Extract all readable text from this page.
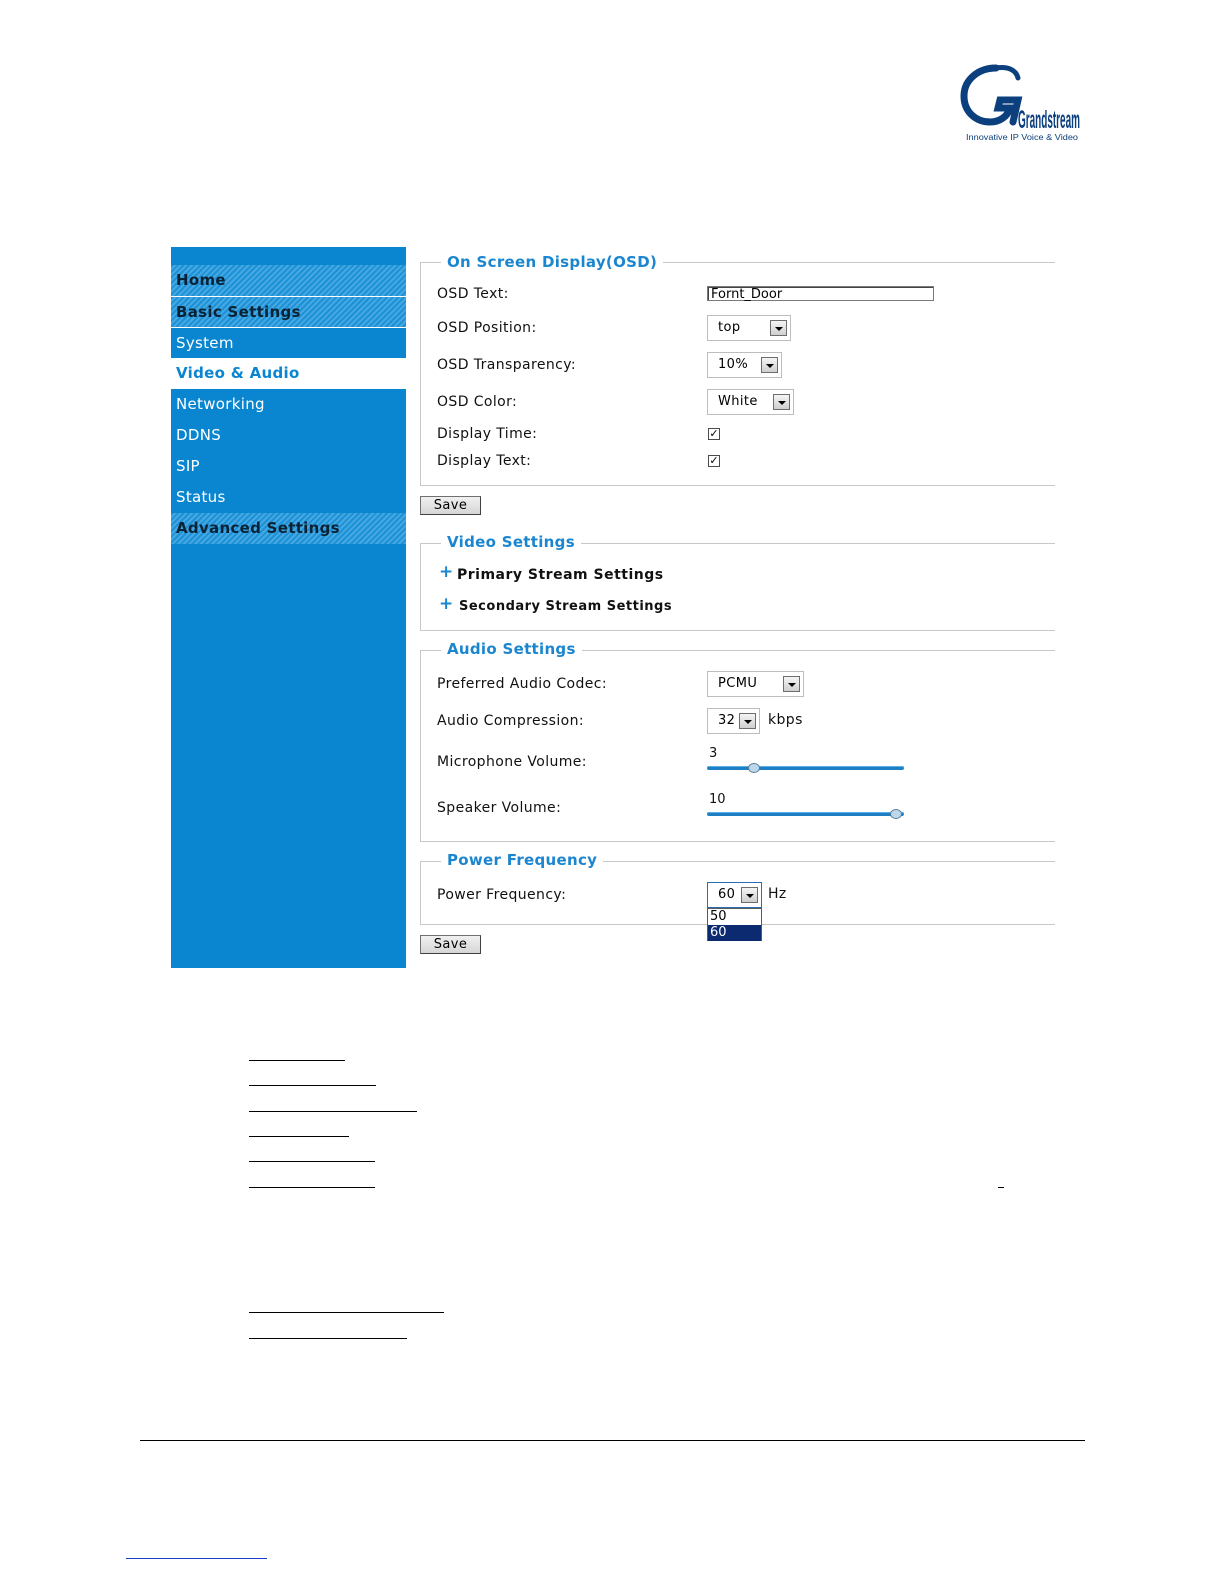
Grandstream
Innovative IP Voice & Video
Home
Basic Settings
System
Video & Audio
Networking
DDNS
SIP
Status
Advanced Settings
On Screen Display(OSD)
OSD Text:	Fornt_Door
OSD Position:	top
OSD Transparency:	10%
OSD Color:	White
Display Time:	✓
Display Text:	✓
Save
Video Settings
+ Primary Stream Settings
+ Secondary Stream Settings
Audio Settings
Preferred Audio Codec:	PCMU
Audio Compression:	32 kbps
Microphone Volume:
3
Speaker Volume:
10
Power Frequency
Power Frequency:	60 Hz
50
60
Save
